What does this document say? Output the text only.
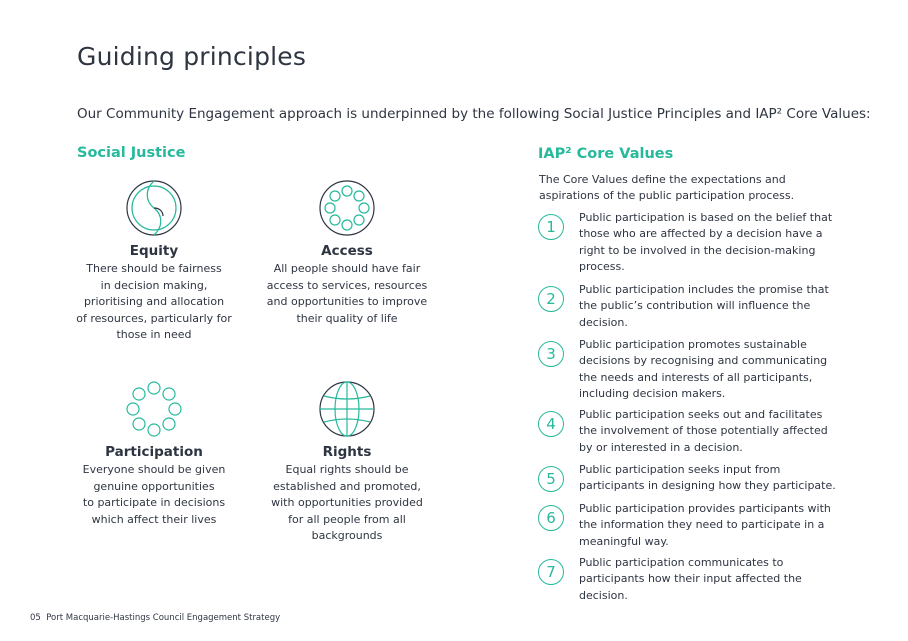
Guiding principles
Our Community Engagement approach is underpinned by the following Social Justice Principles and IAP² Core Values:
Social Justice	IAP² Core Values
Equity
There should be fairness
in decision making,
prioritising and allocation
of resources, particularly for
those in need
Access
All people should have fair
access to services, resources
and opportunities to improve
their quality of life
Participation
Everyone should be given
genuine opportunities
to participate in decisions
which affect their lives
Rights
Equal rights should be
established and promoted,
with opportunities provided
for all people from all
backgrounds
The Core Values define the expectations and
aspirations of the public participation process.
1
Public participation is based on the belief that
those who are affected by a decision have a
right to be involved in the decision-making
process.
2
Public participation includes the promise that
the public’s contribution will influence the
decision.
3
Public participation promotes sustainable
decisions by recognising and communicating
the needs and interests of all participants,
including decision makers.
4
Public participation seeks out and facilitates
the involvement of those potentially affected
by or interested in a decision.
5
Public participation seeks input from
participants in designing how they participate.
6
Public participation provides participants with
the information they need to participate in a
meaningful way.
7
Public participation communicates to
participants how their input affected the
decision.
05 Port Macquarie-Hastings Council Engagement Strategy
